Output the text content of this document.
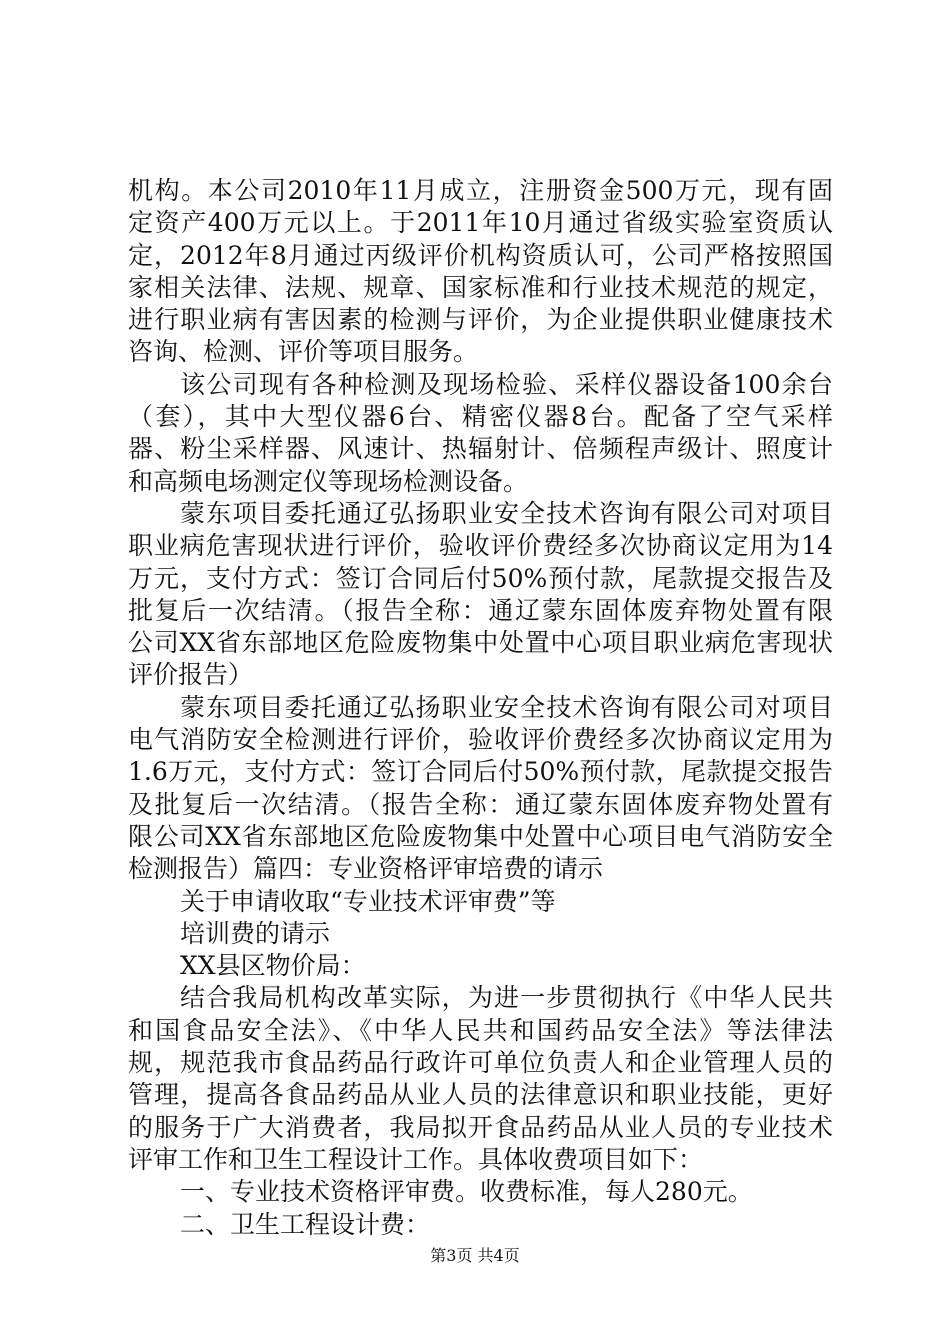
机构。本公司2010年11月成立，注册资金500万元，现有固
定资产400万元以上。于2011年10月通过省级实验室资质认
定，2012年8月通过丙级评价机构资质认可，公司严格按照国
家相关法律、法规、规章、国家标准和行业技术规范的规定，
进行职业病有害因素的检测与评价，为企业提供职业健康技术
咨询、检测、评价等项目服务。
该公司现有各种检测及现场检验、采样仪器设备100余台
（套），其中大型仪器6台、精密仪器8台。配备了空气采样
器、粉尘采样器、风速计、热辐射计、倍频程声级计、照度计
和高频电场测定仪等现场检测设备。
蒙东项目委托通辽弘扬职业安全技术咨询有限公司对项目
职业病危害现状进行评价，验收评价费经多次协商议定用为14
万元，支付方式：签订合同后付50%预付款，尾款提交报告及
批复后一次结清。（报告全称：通辽蒙东固体废弃物处置有限
公司XX省东部地区危险废物集中处置中心项目职业病危害现状
评价报告）
蒙东项目委托通辽弘扬职业安全技术咨询有限公司对项目
电气消防安全检测进行评价，验收评价费经多次协商议定用为
1.6万元，支付方式：签订合同后付50%预付款，尾款提交报告
及批复后一次结清。（报告全称：通辽蒙东固体废弃物处置有
限公司XX省东部地区危险废物集中处置中心项目电气消防安全
检测报告）篇四：专业资格评审培费的请示
关于申请收取“专业技术评审费”等
培训费的请示
XX县区物价局：
结合我局机构改革实际，为进一步贯彻执行《中华人民共
和国食品安全法》、《中华人民共和国药品安全法》等法律法
规，规范我市食品药品行政许可单位负责人和企业管理人员的
管理，提高各食品药品从业人员的法律意识和职业技能，更好
的服务于广大消费者，我局拟开食品药品从业人员的专业技术
评审工作和卫生工程设计工作。具体收费项目如下：
一、专业技术资格评审费。收费标准，每人280元。
二、卫生工程设计费：
第3页 共4页
